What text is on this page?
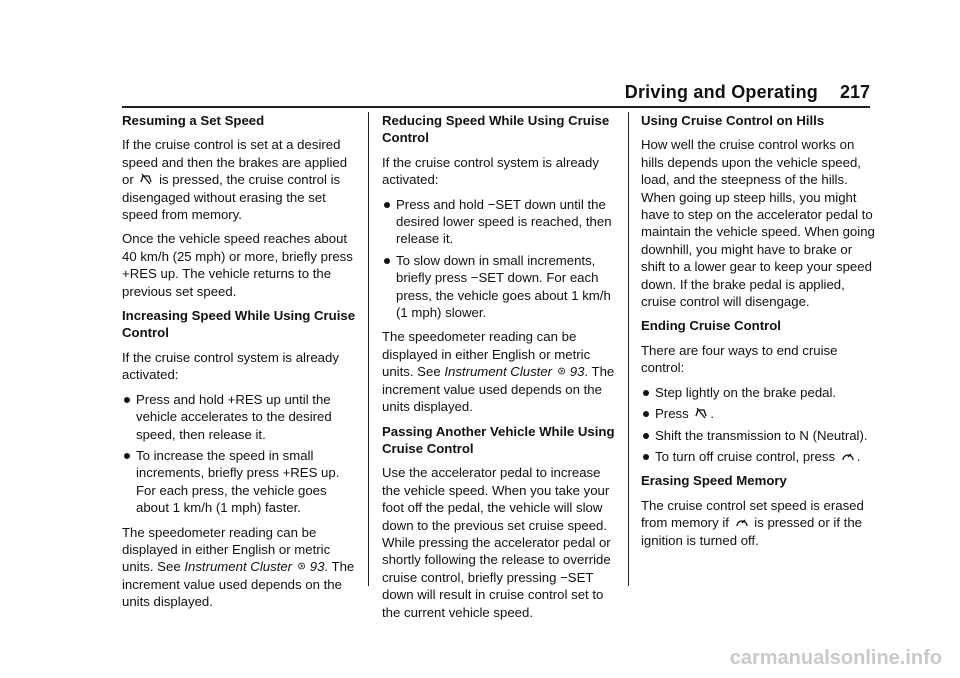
Driving and Operating 217
Resuming a Set Speed

If the cruise control is set at a desired speed and then the brakes are applied or is pressed, the cruise control is disengaged without erasing the set speed from memory.

Once the vehicle speed reaches about 40 km/h (25 mph) or more, briefly press +RES up. The vehicle returns to the previous set speed.

Increasing Speed While Using Cruise Control

If the cruise control system is already activated:

Press and hold +RES up until the vehicle accelerates to the desired speed, then release it.
To increase the speed in small increments, briefly press +RES up. For each press, the vehicle goes about 1 km/h (1 mph) faster.

The speedometer reading can be displayed in either English or metric units. See Instrument Cluster 93. The increment value used depends on the units displayed.

Reducing Speed While Using Cruise Control

If the cruise control system is already activated:

Press and hold −SET down until the desired lower speed is reached, then release it.
To slow down in small increments, briefly press −SET down. For each press, the vehicle goes about 1 km/h (1 mph) slower.

The speedometer reading can be displayed in either English or metric units. See Instrument Cluster 93. The increment value used depends on the units displayed.

Passing Another Vehicle While Using Cruise Control

Use the accelerator pedal to increase the vehicle speed. When you take your foot off the pedal, the vehicle will slow down to the previous set cruise speed. While pressing the accelerator pedal or shortly following the release to override cruise control, briefly pressing −SET down will result in cruise control set to the current vehicle speed.

Using Cruise Control on Hills

How well the cruise control works on hills depends upon the vehicle speed, load, and the steepness of the hills. When going up steep hills, you might have to step on the accelerator pedal to maintain the vehicle speed. When going downhill, you might have to brake or shift to a lower gear to keep your speed down. If the brake pedal is applied, cruise control will disengage.

Ending Cruise Control

There are four ways to end cruise control:

Step lightly on the brake pedal.
Press .
Shift the transmission to N (Neutral).
To turn off cruise control, press .
Erasing Speed Memory

The cruise control set speed is erased from memory if is pressed or if the ignition is turned off.

carmanualsonline.info
